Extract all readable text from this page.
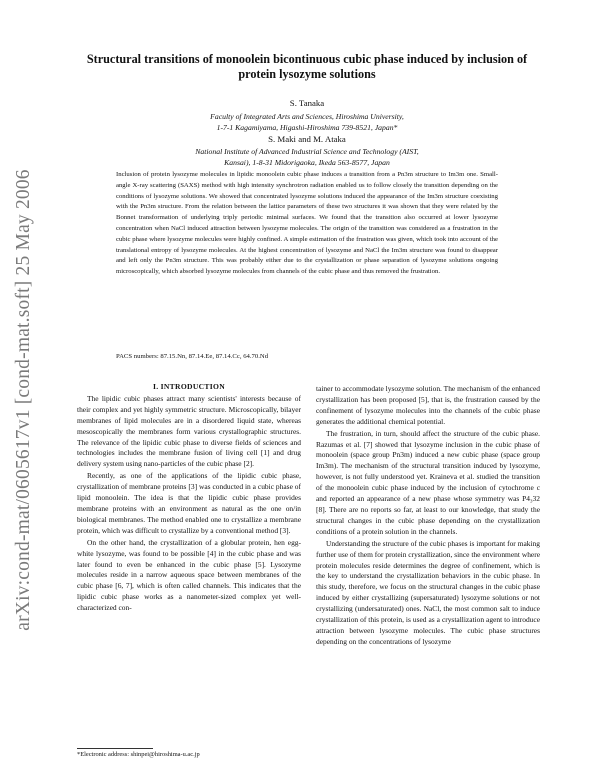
arXiv:cond-mat/0605617v1 [cond-mat.soft] 25 May 2006
Structural transitions of monoolein bicontinuous cubic phase induced by inclusion of protein lysozyme solutions
S. Tanaka
Faculty of Integrated Arts and Sciences, Hiroshima University,
1-7-1 Kagamiyama, Higashi-Hiroshima 739-8521, Japan*
S. Maki and M. Ataka
National Institute of Advanced Industrial Science and Technology (AIST,
Kansai), 1-8-31 Midorigaoka, Ikeda 563-8577, Japan
Inclusion of protein lysozyme molecules in lipidic monoolein cubic phase induces a transition from a Pn3m structure to Im3m one. Small-angle X-ray scattering (SAXS) method with high intensity synchrotron radiation enabled us to follow closely the transition depending on the conditions of lysozyme solutions. We showed that concentrated lysozyme solutions induced the appearance of the Im3m structure coexisting with the Pn3m structure. From the relation between the lattice parameters of these two structures it was shown that they were related by the Bonnet transformation of underlying triply periodic minimal surfaces. We found that the transition also occurred at lower lysozyme concentration when NaCl induced attraction between lysozyme molecules. The origin of the transition was considered as a frustration in the cubic phase where lysozyme molecules were highly confined. A simple estimation of the frustration was given, which took into account of the translational entropy of lysozyme molecules. At the highest concentration of lysozyme and NaCl the Im3m structure was found to disappear and left only the Pn3m structure. This was probably either due to the crystallization or phase separation of lysozyme solutions ongoing microscopically, which absorbed lysozyme molecules from channels of the cubic phase and thus removed the frustration.
PACS numbers: 87.15.Nn, 87.14.Ee, 87.14.Cc, 64.70.Nd

I. INTRODUCTION

The lipidic cubic phases attract many scientists' interests because of their complex and yet highly symmetric structure. Microscopically, bilayer membranes of lipid molecules are in a disordered liquid state, whereas mesoscopically the membranes form various crystallographic structures. The relevance of the lipidic cubic phase to diverse fields of sciences and technologies includes the membrane fusion of living cell [1] and drug delivery system using nano-particles of the cubic phase [2].

Recently, as one of the applications of the lipidic cubic phase, crystallization of membrane proteins [3] was conducted in a cubic phase of lipid monoolein. The idea is that the lipidic cubic phase provides membrane proteins with an environment as natural as the one on/in biological membranes. The method enabled one to crystallize a membrane protein, which was difficult to crystallize by a conventional method [3].

On the other hand, the crystallization of a globular protein, hen egg-white lysozyme, was found to be possible [4] in the cubic phase and was later found to even be enhanced in the cubic phase [5]. Lysozyme molecules reside in a narrow aqueous space between membranes of the cubic phase [6, 7], which is often called channels. This indicates that the lipidic cubic phase works as a nanometer-sized complex yet well-characterized con-

tainer to accommodate lysozyme solution. The mechanism of the enhanced crystallization has been proposed [5], that is, the frustration caused by the confinement of lysozyme molecules into the channels of the cubic phase generates the additional chemical potential.

The frustration, in turn, should affect the structure of the cubic phase. Razumas et al. [7] showed that lysozyme inclusion in the cubic phase of monoolein (space group Pn3m) induced a new cubic phase (space group Im3m). The mechanism of the structural transition induced by lysozyme, however, is not fully understood yet. Kraineva et al. studied the transition of the monoolein cubic phase induced by the inclusion of cytochrome c and reported an appearance of a new phase whose symmetry was P4₃32 [8]. There are no reports so far, at least to our knowledge, that study the structural changes in the cubic phase depending on the crystallization conditions of a protein solution in the channels.

Understanding the structure of the cubic phases is important for making further use of them for protein crystallization, since the environment where protein molecules reside determines the degree of confinement, which is the key to understand the crystallization behaviors in the cubic phase. In this study, therefore, we focus on the structural changes in the cubic phase induced by either crystallizing (supersaturated) lysozyme solutions or not crystallizing (undersaturated) ones. NaCl, the most common salt to induce crystallization of this protein, is used as a crystallization agent to introduce attraction between lysozyme molecules. The cubic phase structures depending on the concentrations of lysozyme

*Electronic address: shinpei@hiroshima-u.ac.jp
